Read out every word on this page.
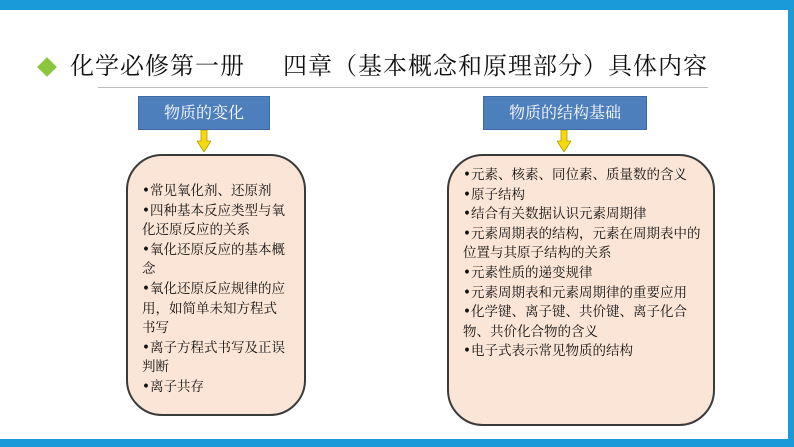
化学必修第一册 四章（基本概念和原理部分）具体内容
物质的变化
•常见氧化剂、还原剂
•四种基本反应类型与氧化还原反应的关系
•氧化还原反应的基本概念
•氧化还原反应规律的应用，如简单未知方程式书写
•离子方程式书写及正误判断
•离子共存
物质的结构基础
•元素、核素、同位素、质量数的含义
•原子结构
•结合有关数据认识元素周期律
•元素周期表的结构，元素在周期表中的位置与其原子结构的关系
•元素性质的递变规律
•元素周期表和元素周期律的重要应用
•化学键、离子键、共价键、离子化合物、共价化合物的含义
•电子式表示常见物质的结构
